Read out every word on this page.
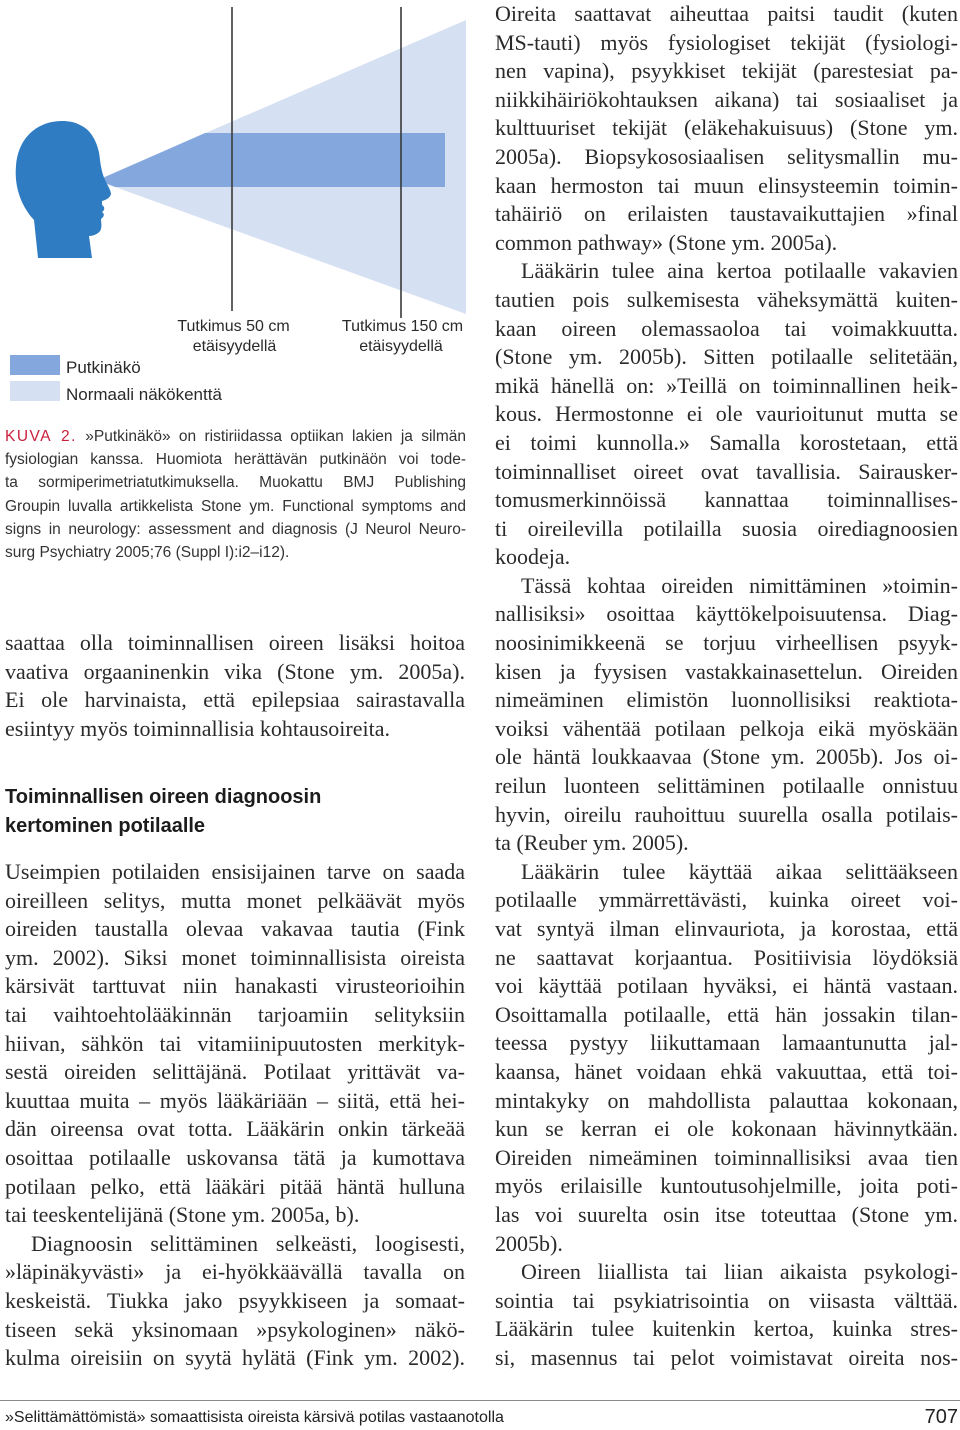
Tutkimus 50 cm
etäisyydellä
Tutkimus 150 cm
etäisyydellä
Putkinäkö
Normaali näkökenttä
KUVA 2. »Putkinäkö» on ristiriidassa optiikan lakien ja silmän
fysiologian kanssa. Huomiota herättävän putkinäön voi tode-
ta sormiperimetriatutkimuksella. Muokattu BMJ Publishing
Groupin luvalla artikkelista Stone ym. Functional symptoms and
signs in neurology: assessment and diagnosis (J Neurol Neuro-
surg Psychiatry 2005;76 (Suppl I):i2–i12).
saattaa olla toiminnallisen oireen lisäksi hoitoa
vaativa orgaaninenkin vika (Stone ym. 2005a).
Ei ole harvinaista, että epilepsiaa sairastavalla
esiintyy myös toiminnallisia kohtausoireita.
Toiminnallisen oireen diagnoosin
kertominen potilaalle
Useimpien potilaiden ensisijainen tarve on saada
oireilleen selitys, mutta monet pelkäävät myös
oireiden taustalla olevaa vakavaa tautia (Fink
ym. 2002). Siksi monet toiminnallisista oireista
kärsivät tarttuvat niin hanakasti virusteorioihin
tai vaihtoehtolääkinnän tarjoamiin selityksiin
hiivan, sähkön tai vitamiinipuutosten merkityk-
sestä oireiden selittäjänä. Potilaat yrittävät va-
kuuttaa muita – myös lääkäriään – siitä, että hei-
dän oireensa ovat totta. Lääkärin onkin tärkeää
osoittaa potilaalle uskovansa tätä ja kumottava
potilaan pelko, että lääkäri pitää häntä hulluna
tai teeskentelijänä (Stone ym. 2005a, b).
Diagnoosin selittäminen selkeästi, loogisesti,
»läpinäkyvästi» ja ei-hyökkäävällä tavalla on
keskeistä. Tiukka jako psyykkiseen ja somaat-
tiseen sekä yksinomaan »psykologinen» näkö-
kulma oireisiin on syytä hylätä (Fink ym. 2002).
Oireita saattavat aiheuttaa paitsi taudit (kuten
MS-tauti) myös fysiologiset tekijät (fysiologi-
nen vapina), psyykkiset tekijät (parestesiat pa-
niikkihäiriökohtauksen aikana) tai sosiaaliset ja
kulttuuriset tekijät (eläkehakuisuus) (Stone ym.
2005a). Biopsykososiaalisen selitysmallin mu-
kaan hermoston tai muun elinsysteemin toimin-
tahäiriö on erilaisten taustavaikuttajien »final
common pathway» (Stone ym. 2005a).
Lääkärin tulee aina kertoa potilaalle vakavien
tautien pois sulkemisesta väheksymättä kuiten-
kaan oireen olemassaoloa tai voimakkuutta.
(Stone ym. 2005b). Sitten potilaalle selitetään,
mikä hänellä on: »Teillä on toiminnallinen heik-
kous. Hermostonne ei ole vaurioitunut mutta se
ei toimi kunnolla.» Samalla korostetaan, että
toiminnalliset oireet ovat tavallisia. Sairausker-
tomusmerkinnöissä kannattaa toiminnallises-
ti oireilevilla potilailla suosia oirediagnoosien
koodeja.
Tässä kohtaa oireiden nimittäminen »toimin-
nallisiksi» osoittaa käyttökelpoisuutensa. Diag-
noosinimikkeenä se torjuu virheellisen psyyk-
kisen ja fyysisen vastakkainasettelun. Oireiden
nimeäminen elimistön luonnollisiksi reaktiota-
voiksi vähentää potilaan pelkoja eikä myöskään
ole häntä loukkaavaa (Stone ym. 2005b). Jos oi-
reilun luonteen selittäminen potilaalle onnistuu
hyvin, oireilu rauhoittuu suurella osalla potilais-
ta (Reuber ym. 2005).
Lääkärin tulee käyttää aikaa selittääkseen
potilaalle ymmärrettävästi, kuinka oireet voi-
vat syntyä ilman elinvauriota, ja korostaa, että
ne saattavat korjaantua. Positiivisia löydöksiä
voi käyttää potilaan hyväksi, ei häntä vastaan.
Osoittamalla potilaalle, että hän jossakin tilan-
teessa pystyy liikuttamaan lamaantunutta jal-
kaansa, hänet voidaan ehkä vakuuttaa, että toi-
mintakyky on mahdollista palauttaa kokonaan,
kun se kerran ei ole kokonaan hävinnytkään.
Oireiden nimeäminen toiminnallisiksi avaa tien
myös erilaisille kuntoutusohjelmille, joita poti-
las voi suurelta osin itse toteuttaa (Stone ym.
2005b).
Oireen liiallista tai liian aikaista psykologi-
sointia tai psykiatrisointia on viisasta välttää.
Lääkärin tulee kuitenkin kertoa, kuinka stres-
si, masennus tai pelot voimistavat oireita nos-
»Selittämättömistä» somaattisista oireista kärsivä potilas vastaanotolla	707
